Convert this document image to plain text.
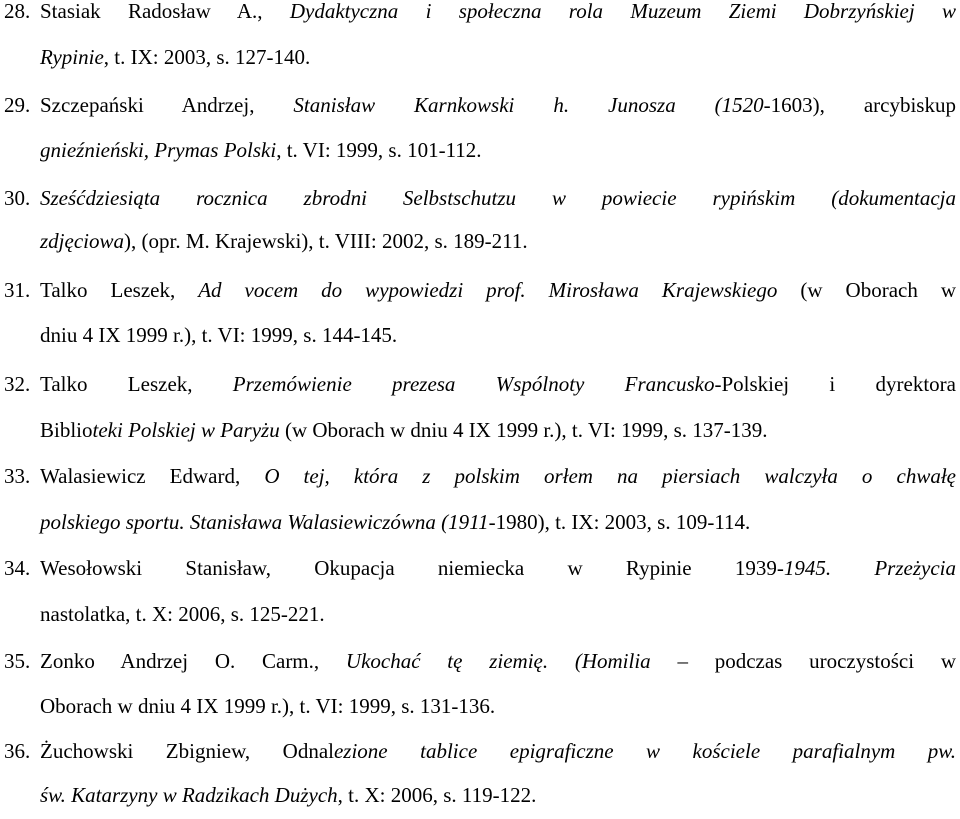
28. Stasiak Radosław A., Dydaktyczna i społeczna rola Muzeum Ziemi Dobrzyńskiej w
Rypinie, t. IX: 2003, s. 127-140.
29. Szczepański Andrzej, Stanisław Karnkowski h. Junosza (1520-1603), arcybiskup
gnieźnieński, Prymas Polski, t. VI: 1999, s. 101-112.
30. Sześćdziesiąta rocznica zbrodni Selbstschutzu w powiecie rypińskim (dokumentacja
zdjęciowa), (opr. M. Krajewski), t. VIII: 2002, s. 189-211.
31. Talko Leszek, Ad vocem do wypowiedzi prof. Mirosława Krajewskiego (w Oborach w
dniu 4 IX 1999 r.), t. VI: 1999, s. 144-145.
32. Talko Leszek, Przemówienie prezesa Wspólnoty Francusko-Polskiej i dyrektora
Biblioteki Polskiej w Paryżu (w Oborach w dniu 4 IX 1999 r.), t. VI: 1999, s. 137-139.
33. Walasiewicz Edward, O tej, która z polskim orłem na piersiach walczyła o chwałę
polskiego sportu. Stanisława Walasiewiczówna (1911-1980), t. IX: 2003, s. 109-114.
34. Wesołowski Stanisław, Okupacja niemiecka w Rypinie 1939-1945. Przeżycia
nastolatka, t. X: 2006, s. 125-221.
35. Zonko Andrzej O. Carm., Ukochać tę ziemię. (Homilia – podczas uroczystości w
Oborach w dniu 4 IX 1999 r.), t. VI: 1999, s. 131-136.
36. Żuchowski Zbigniew, Odnalezione tablice epigraficzne w kościele parafialnym pw.
św. Katarzyny w Radzikach Dużych, t. X: 2006, s. 119-122.
